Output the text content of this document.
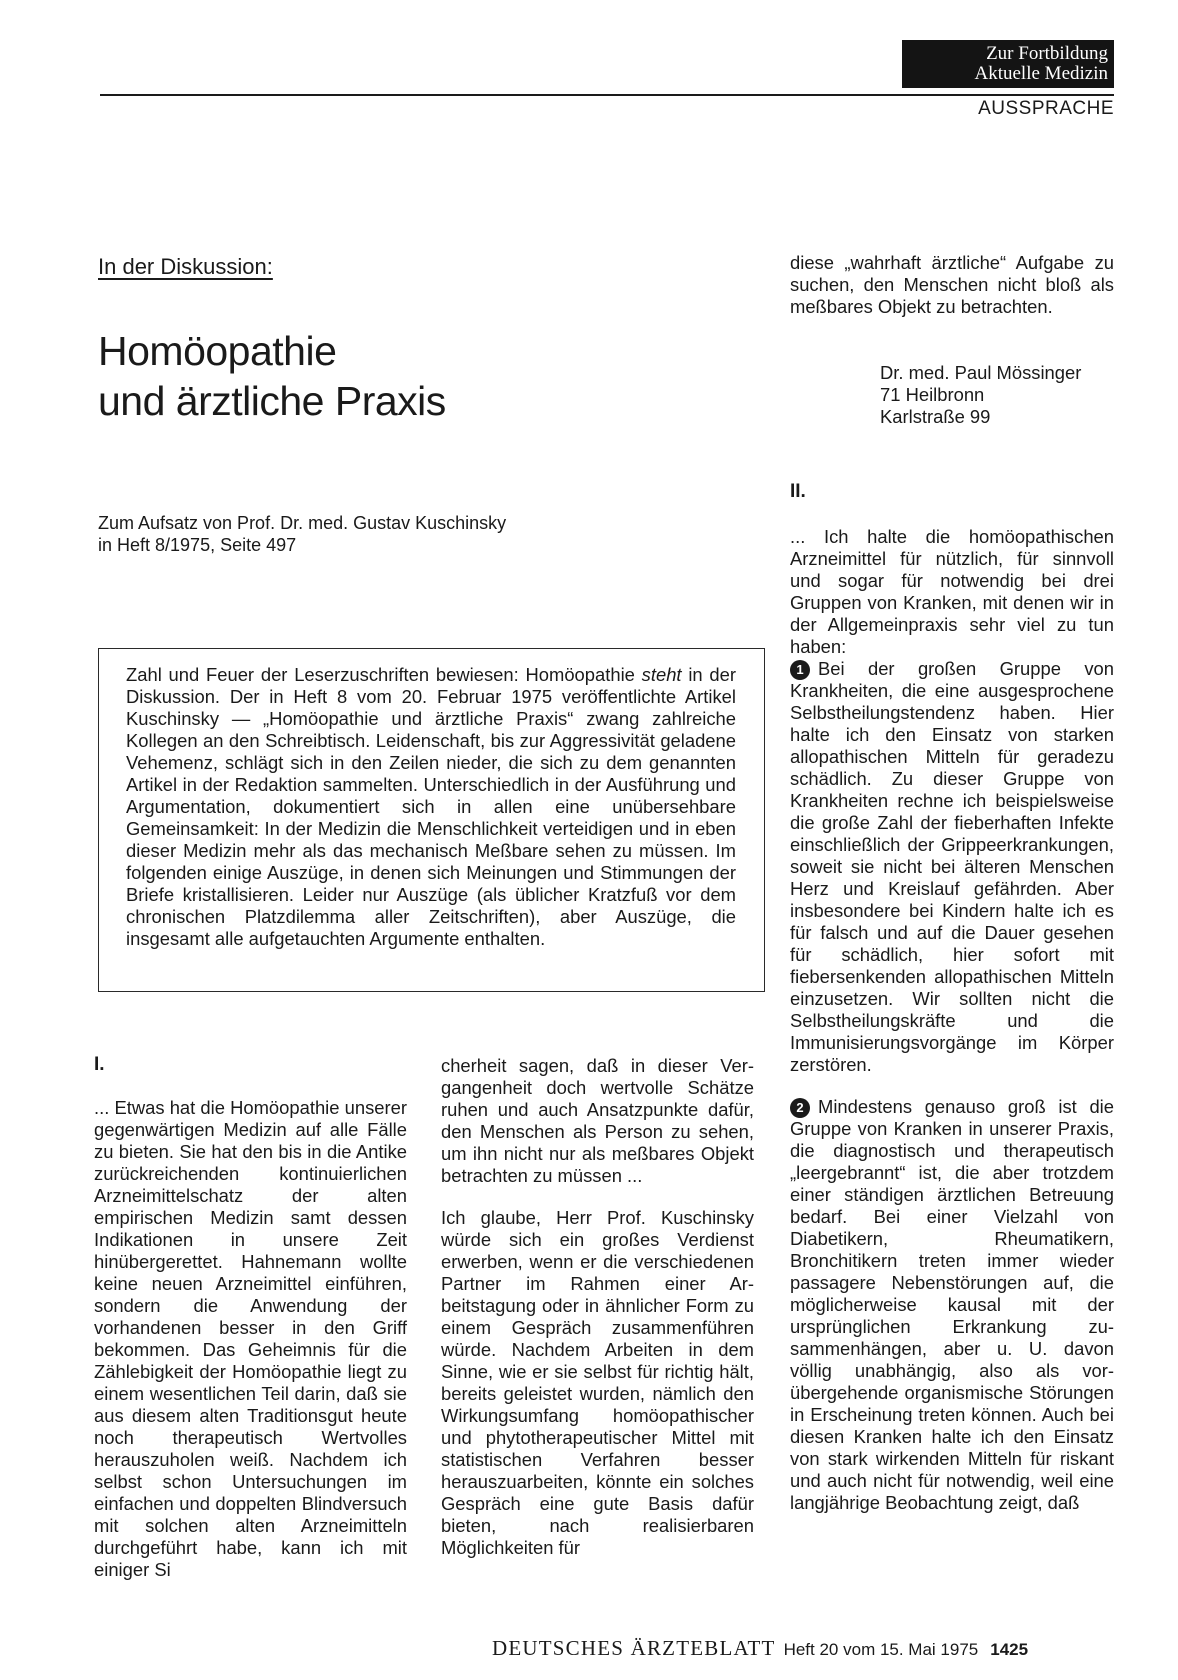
Zur Fortbildung
Aktuelle Medizin
AUSSPRACHE
In der Diskussion:
Homöopathie
und ärztliche Praxis
Zum Aufsatz von Prof. Dr. med. Gustav Kuschinsky
in Heft 8/1975, Seite 497
Zahl und Feuer der Leserzuschriften bewiesen: Homöopathie steht in der Diskussion. Der in Heft 8 vom 20. Februar 1975 veröffentlichte Artikel Kuschinsky — „Homöopathie und ärztliche Praxis“ zwang zahlreiche Kollegen an den Schreibtisch. Leidenschaft, bis zur Aggressivität geladene Vehemenz, schlägt sich in den Zeilen nieder, die sich zu dem genannten Artikel in der Redaktion sammelten. Unterschiedlich in der Ausführung und Argumentation, dokumentiert sich in allen eine unübersehbare Gemeinsamkeit: In der Medizin die Menschlichkeit verteidigen und in eben dieser Medizin mehr als das mechanisch Meßbare sehen zu müssen. Im folgenden einige Auszüge, in denen sich Meinungen und Stimmungen der Briefe kristallisieren. Leider nur Auszüge (als üblicher Kratzfuß vor dem chronischen Platzdilemma aller Zeitschriften), aber Auszüge, die insgesamt alle aufgetauchten Argumente enthalten.
I.

... Etwas hat die Homöopathie unserer gegenwärtigen Medizin auf alle Fälle zu bieten. Sie hat den bis in die Antike zurückreichenden kontinuierlichen Arzneimittelschatz der alten empirischen Medizin samt dessen Indikationen in unsere Zeit hinübergerettet. Hahnemann wollte keine neuen Arzneimittel einführen, sondern die Anwendung der vorhandenen besser in den Griff bekommen. Das Geheimnis für die Zählebigkeit der Homöopathie liegt zu einem wesentlichen Teil darin, daß sie aus diesem alten Traditionsgut heute noch therapeutisch Wertvolles herauszuholen weiß. Nachdem ich selbst schon Untersuchungen im einfachen und doppelten Blindversuch mit solchen alten Arzneimitteln durchgeführt habe, kann ich mit einiger Si

cherheit sagen, daß in dieser Vergangenheit doch wertvolle Schätze ruhen und auch Ansatzpunkte dafür, den Menschen als Person zu sehen, um ihn nicht nur als meßbares Objekt betrachten zu müssen ...

Ich glaube, Herr Prof. Kuschinsky würde sich ein großes Verdienst erwerben, wenn er die verschiedenen Partner im Rahmen einer Arbeitstagung oder in ähnlicher Form zu einem Gespräch zusammenführen würde. Nachdem Arbeiten in dem Sinne, wie er sie selbst für richtig hält, bereits geleistet wurden, nämlich den Wirkungsumfang homöopathischer und phytotherapeutischer Mittel mit statistischen Verfahren besser herauszuarbeiten, könnte ein solches Gespräch eine gute Basis dafür bieten, nach realisierbaren Möglichkeiten für

diese „wahrhaft ärztliche“ Aufgabe zu suchen, den Menschen nicht bloß als meßbares Objekt zu betrachten.

Dr. med. Paul Mössinger
71 Heilbronn
Karlstraße 99
II.

... Ich halte die homöopathischen Arzneimittel für nützlich, für sinnvoll und sogar für notwendig bei drei Gruppen von Kranken, mit denen wir in der Allgemeinpraxis sehr viel zu tun haben:

1 Bei der großen Gruppe von Krankheiten, die eine ausgesprochene Selbstheilungstendenz haben. Hier halte ich den Einsatz von starken allopathischen Mitteln für geradezu schädlich. Zu dieser Gruppe von Krankheiten rechne ich beispielsweise die große Zahl der fieberhaften Infekte einschließlich der Grippeerkrankungen, soweit sie nicht bei älteren Menschen Herz und Kreislauf gefährden. Aber insbesondere bei Kindern halte ich es für falsch und auf die Dauer gesehen für schädlich, hier sofort mit fiebersenkenden allopathischen Mitteln einzusetzen. Wir sollten nicht die Selbstheilungskräfte und die Immunisierungsvorgänge im Körper zerstören.

2 Mindestens genauso groß ist die Gruppe von Kranken in unserer Praxis, die diagnostisch und therapeutisch „leergebrannt“ ist, die aber trotzdem einer ständigen ärztlichen Betreuung bedarf. Bei einer Vielzahl von Diabetikern, Rheumatikern, Bronchitikern treten immer wieder passagere Nebenstörungen auf, die möglicherweise kausal mit der ursprünglichen Erkrankung zusammenhängen, aber u. U. davon völlig unabhängig, also als vorübergehende organismische Störungen in Erscheinung treten können. Auch bei diesen Kranken halte ich den Einsatz von stark wirkenden Mitteln für riskant und auch nicht für notwendig, weil eine langjährige Beobachtung zeigt, daß

DEUTSCHES ÄRZTEBLATT Heft 20 vom 15. Mai 1975 1425
